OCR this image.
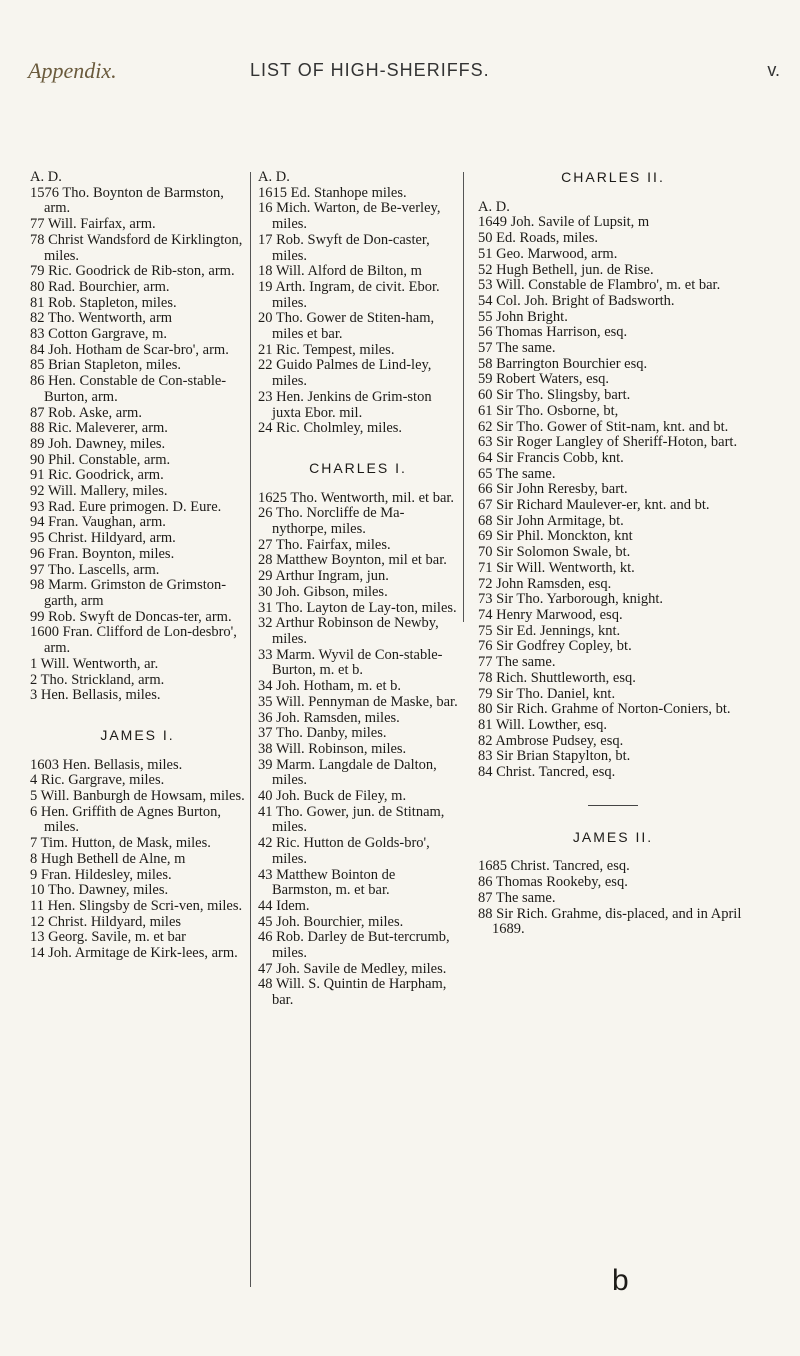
Appendix.	LIST OF HIGH-SHERIFFS.	v.
A. D.
1576 Tho. Boynton de Barmston, arm.
77 Will. Fairfax, arm.
78 Christ Wandsford de Kirklington, miles.
79 Ric. Goodrick de Rib-ston, arm.
80 Rad. Bourchier, arm.
81 Rob. Stapleton, miles.
82 Tho. Wentworth, arm
83 Cotton Gargrave, m.
84 Joh. Hotham de Scar-bro', arm.
85 Brian Stapleton, miles.
86 Hen. Constable de Con-stable-Burton, arm.
87 Rob. Aske, arm.
88 Ric. Maleverer, arm.
89 Joh. Dawney, miles.
90 Phil. Constable, arm.
91 Ric. Goodrick, arm.
92 Will. Mallery, miles.
93 Rad. Eure primogen. D. Eure.
94 Fran. Vaughan, arm.
95 Christ. Hildyard, arm.
96 Fran. Boynton, miles.
97 Tho. Lascells, arm.
98 Marm. Grimston de Grimston-garth, arm
99 Rob. Swyft de Doncas-ter, arm.
1600 Fran. Clifford de Lon-desbro', arm.
1 Will. Wentworth, ar.
2 Tho. Strickland, arm.
3 Hen. Bellasis, miles.
JAMES I.
1603 Hen. Bellasis, miles.
4 Ric. Gargrave, miles.
5 Will. Banburgh de Howsam, miles.
6 Hen. Griffith de Agnes Burton, miles.
7 Tim. Hutton, de Mask, miles.
8 Hugh Bethell de Alne, m
9 Fran. Hildesley, miles.
10 Tho. Dawney, miles.
11 Hen. Slingsby de Scri-ven, miles.
12 Christ. Hildyard, miles
13 Georg. Savile, m. et bar
14 Joh. Armitage de Kirk-lees, arm.
A. D.
1615 Ed. Stanhope miles.
16 Mich. Warton, de Be-verley, miles.
17 Rob. Swyft de Don-caster, miles.
18 Will. Alford de Bilton, m
19 Arth. Ingram, de civit. Ebor. miles.
20 Tho. Gower de Stiten-ham, miles et bar.
21 Ric. Tempest, miles.
22 Guido Palmes de Lind-ley, miles.
23 Hen. Jenkins de Grim-ston juxta Ebor. mil.
24 Ric. Cholmley, miles.
CHARLES I.
1625 Tho. Wentworth, mil. et bar.
26 Tho. Norcliffe de Ma-nythorpe, miles.
27 Tho. Fairfax, miles.
28 Matthew Boynton, mil et bar.
29 Arthur Ingram, jun.
30 Joh. Gibson, miles.
31 Tho. Layton de Lay-ton, miles.
32 Arthur Robinson de Newby, miles.
33 Marm. Wyvil de Con-stable-Burton, m. et b.
34 Joh. Hotham, m. et b.
35 Will. Pennyman de Maske, bar.
36 Joh. Ramsden, miles.
37 Tho. Danby, miles.
38 Will. Robinson, miles.
39 Marm. Langdale de Dalton, miles.
40 Joh. Buck de Filey, m.
41 Tho. Gower, jun. de Stitnam, miles.
42 Ric. Hutton de Golds-bro', miles.
43 Matthew Bointon de Barmston, m. et bar.
44 Idem.
45 Joh. Bourchier, miles.
46 Rob. Darley de But-tercrumb, miles.
47 Joh. Savile de Medley, miles.
48 Will. S. Quintin de Harpham, bar.
CHARLES II.
A. D.
1649 Joh. Savile of Lupsit, m
50 Ed. Roads, miles.
51 Geo. Marwood, arm.
52 Hugh Bethell, jun. de Rise.
53 Will. Constable de Flambro', m. et bar.
54 Col. Joh. Bright of Badsworth.
55 John Bright.
56 Thomas Harrison, esq.
57 The same.
58 Barrington Bourchier esq.
59 Robert Waters, esq.
60 Sir Tho. Slingsby, bart.
61 Sir Tho. Osborne, bt,
62 Sir Tho. Gower of Stit-nam, knt. and bt.
63 Sir Roger Langley of Sheriff-Hoton, bart.
64 Sir Francis Cobb, knt.
65 The same.
66 Sir John Reresby, bart.
67 Sir Richard Maulever-er, knt. and bt.
68 Sir John Armitage, bt.
69 Sir Phil. Monckton, knt
70 Sir Solomon Swale, bt.
71 Sir Will. Wentworth, kt.
72 John Ramsden, esq.
73 Sir Tho. Yarborough, knight.
74 Henry Marwood, esq.
75 Sir Ed. Jennings, knt.
76 Sir Godfrey Copley, bt.
77 The same.
78 Rich. Shuttleworth, esq.
79 Sir Tho. Daniel, knt.
80 Sir Rich. Grahme of Norton-Coniers, bt.
81 Will. Lowther, esq.
82 Ambrose Pudsey, esq.
83 Sir Brian Stapylton, bt.
84 Christ. Tancred, esq.
JAMES II.
1685 Christ. Tancred, esq.
86 Thomas Rookeby, esq.
87 The same.
88 Sir Rich. Grahme, dis-placed, and in April 1689.
b
